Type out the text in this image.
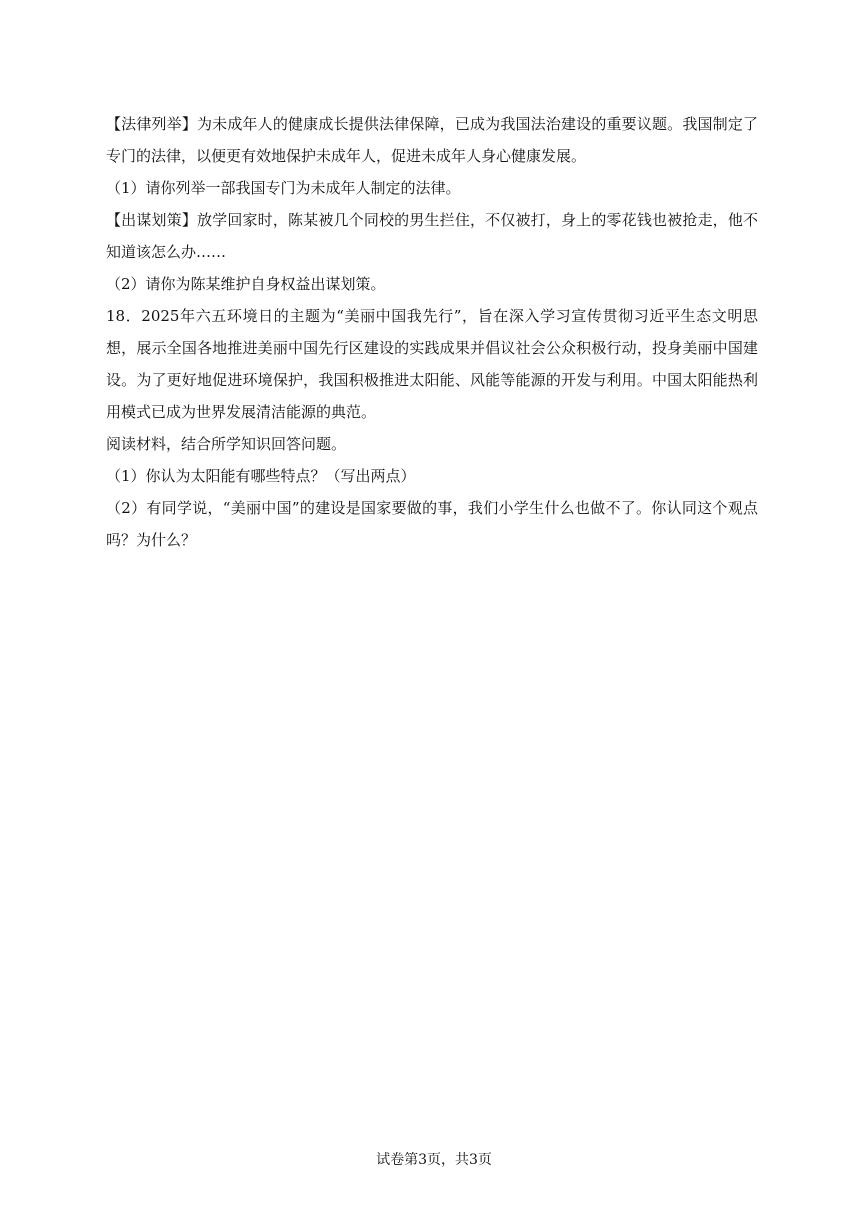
【法律列举】为未成年人的健康成长提供法律保障，已成为我国法治建设的重要议题。我国制定了专门的法律，以便更有效地保护未成年人，促进未成年人身心健康发展。

（1）请你列举一部我国专门为未成年人制定的法律。

【出谋划策】放学回家时，陈某被几个同校的男生拦住，不仅被打，身上的零花钱也被抢走，他不知道该怎么办……

（2）请你为陈某维护自身权益出谋划策。

18．2025年六五环境日的主题为“美丽中国我先行”，旨在深入学习宣传贯彻习近平生态文明思想，展示全国各地推进美丽中国先行区建设的实践成果并倡议社会公众积极行动，投身美丽中国建设。为了更好地促进环境保护，我国积极推进太阳能、风能等能源的开发与利用。中国太阳能热利用模式已成为世界发展清洁能源的典范。

阅读材料，结合所学知识回答问题。

（1）你认为太阳能有哪些特点？（写出两点）

（2）有同学说，“美丽中国”的建设是国家要做的事，我们小学生什么也做不了。你认同这个观点吗？为什么？

试卷第3页，共3页
